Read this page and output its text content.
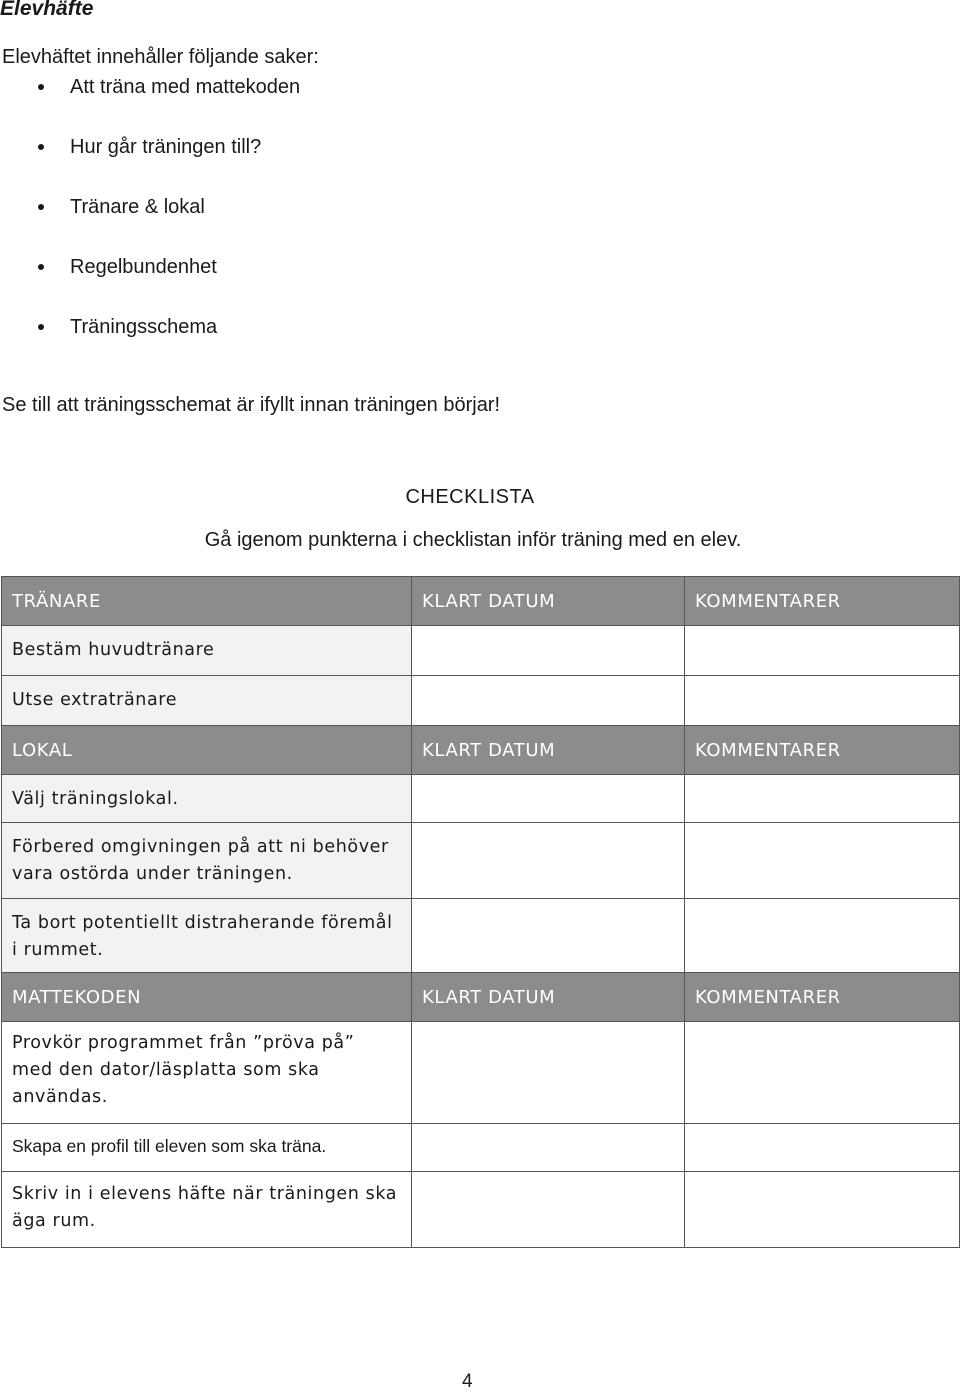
Elevhäfte
Elevhäftet innehåller följande saker:
Att träna med mattekoden
Hur går träningen till?
Tränare & lokal
Regelbundenhet
Träningsschema
Se till att träningsschemat är ifyllt innan träningen börjar!
CHECKLISTA
Gå igenom punkterna i checklistan inför träning med en elev.
TRÄNARE	KLART DATUM	KOMMENTARER
Bestäm huvudtränare		
Utse extratränare		
LOKAL	KLART DATUM	KOMMENTARER
Välj träningslokal.		
Förbered omgivningen på att ni behöver vara ostörda under träningen.		
Ta bort potentiellt distraherande föremål i rummet.		
MATTEKODEN	KLART DATUM	KOMMENTARER
Provkör programmet från ”pröva på” med den dator/läsplatta som ska användas.		
Skapa en profil till eleven som ska träna.		
Skriv in i elevens häfte när träningen ska äga rum.		
4
